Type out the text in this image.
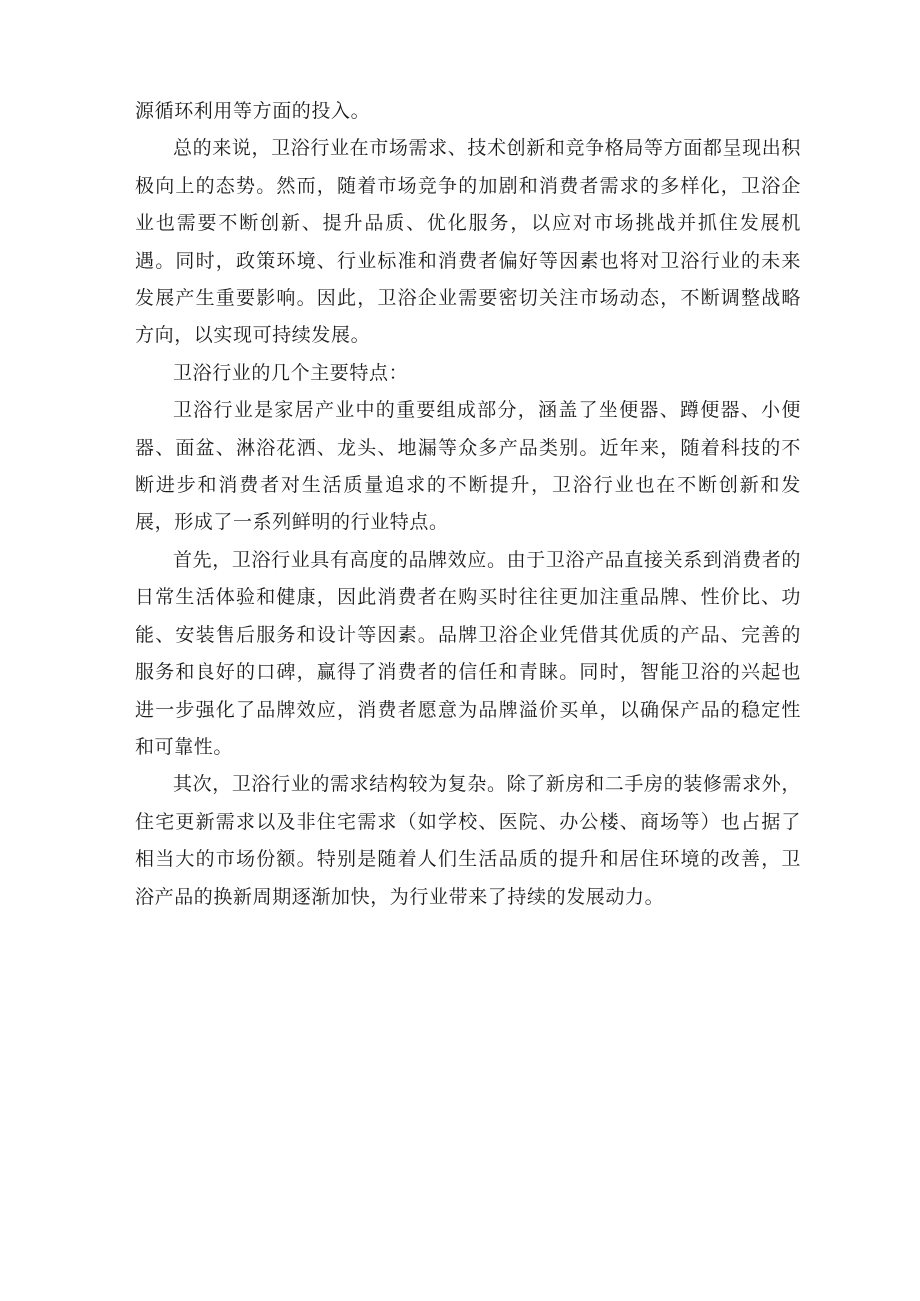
源循环利用等方面的投入。

总的来说，卫浴行业在市场需求、技术创新和竞争格局等方面都呈现出积极向上的态势。然而，随着市场竞争的加剧和消费者需求的多样化，卫浴企业也需要不断创新、提升品质、优化服务，以应对市场挑战并抓住发展机遇。同时，政策环境、行业标准和消费者偏好等因素也将对卫浴行业的未来发展产生重要影响。因此，卫浴企业需要密切关注市场动态，不断调整战略方向，以实现可持续发展。

卫浴行业的几个主要特点：

卫浴行业是家居产业中的重要组成部分，涵盖了坐便器、蹲便器、小便器、面盆、淋浴花洒、龙头、地漏等众多产品类别。近年来，随着科技的不断进步和消费者对生活质量追求的不断提升，卫浴行业也在不断创新和发展，形成了一系列鲜明的行业特点。

首先，卫浴行业具有高度的品牌效应。由于卫浴产品直接关系到消费者的日常生活体验和健康，因此消费者在购买时往往更加注重品牌、性价比、功能、安装售后服务和设计等因素。品牌卫浴企业凭借其优质的产品、完善的服务和良好的口碑，赢得了消费者的信任和青睐。同时，智能卫浴的兴起也进一步强化了品牌效应，消费者愿意为品牌溢价买单，以确保产品的稳定性和可靠性。

其次，卫浴行业的需求结构较为复杂。除了新房和二手房的装修需求外，住宅更新需求以及非住宅需求（如学校、医院、办公楼、商场等）也占据了相当大的市场份额。特别是随着人们生活品质的提升和居住环境的改善，卫浴产品的换新周期逐渐加快，为行业带来了持续的发展动力。
